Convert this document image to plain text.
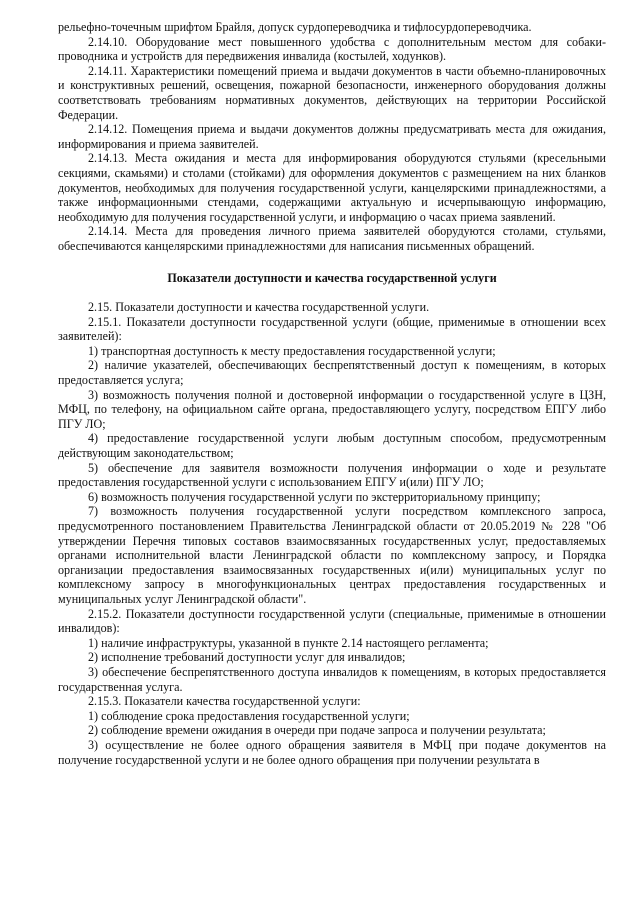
рельефно-точечным шрифтом Брайля, допуск сурдопереводчика и тифлосурдопереводчика.

2.14.10. Оборудование мест повышенного удобства с дополнительным местом для собаки-проводника и устройств для передвижения инвалида (костылей, ходунков).

2.14.11. Характеристики помещений приема и выдачи документов в части объемно-планировочных и конструктивных решений, освещения, пожарной безопасности, инженерного оборудования должны соответствовать требованиям нормативных документов, действующих на территории Российской Федерации.

2.14.12. Помещения приема и выдачи документов должны предусматривать места для ожидания, информирования и приема заявителей.

2.14.13. Места ожидания и места для информирования оборудуются стульями (кресельными секциями, скамьями) и столами (стойками) для оформления документов с размещением на них бланков документов, необходимых для получения государственной услуги, канцелярскими принадлежностями, а также информационными стендами, содержащими актуальную и исчерпывающую информацию, необходимую для получения государственной услуги, и информацию о часах приема заявлений.

2.14.14. Места для проведения личного приема заявителей оборудуются столами, стульями, обеспечиваются канцелярскими принадлежностями для написания письменных обращений.

Показатели доступности и качества государственной услуги

2.15. Показатели доступности и качества государственной услуги.

2.15.1. Показатели доступности государственной услуги (общие, применимые в отношении всех заявителей):

1) транспортная доступность к месту предоставления государственной услуги;

2) наличие указателей, обеспечивающих беспрепятственный доступ к помещениям, в которых предоставляется услуга;

3) возможность получения полной и достоверной информации о государственной услуге в ЦЗН, МФЦ, по телефону, на официальном сайте органа, предоставляющего услугу, посредством ЕПГУ либо ПГУ ЛО;

4) предоставление государственной услуги любым доступным способом, предусмотренным действующим законодательством;

5) обеспечение для заявителя возможности получения информации о ходе и результате предоставления государственной услуги с использованием ЕПГУ и(или) ПГУ ЛО;

6) возможность получения государственной услуги по экстерриториальному принципу;

7) возможность получения государственной услуги посредством комплексного запроса, предусмотренного постановлением Правительства Ленинградской области от 20.05.2019 № 228 "Об утверждении Перечня типовых составов взаимосвязанных государственных услуг, предоставляемых органами исполнительной власти Ленинградской области по комплексному запросу, и Порядка организации предоставления взаимосвязанных государственных и(или) муниципальных услуг по комплексному запросу в многофункциональных центрах предоставления государственных и муниципальных услуг Ленинградской области".

2.15.2. Показатели доступности государственной услуги (специальные, применимые в отношении инвалидов):

1) наличие инфраструктуры, указанной в пункте 2.14 настоящего регламента;

2) исполнение требований доступности услуг для инвалидов;

3) обеспечение беспрепятственного доступа инвалидов к помещениям, в которых предоставляется государственная услуга.

2.15.3. Показатели качества государственной услуги:

1) соблюдение срока предоставления государственной услуги;

2) соблюдение времени ожидания в очереди при подаче запроса и получении результата;

3) осуществление не более одного обращения заявителя в МФЦ при подаче документов на получение государственной услуги и не более одного обращения при получении результата в
